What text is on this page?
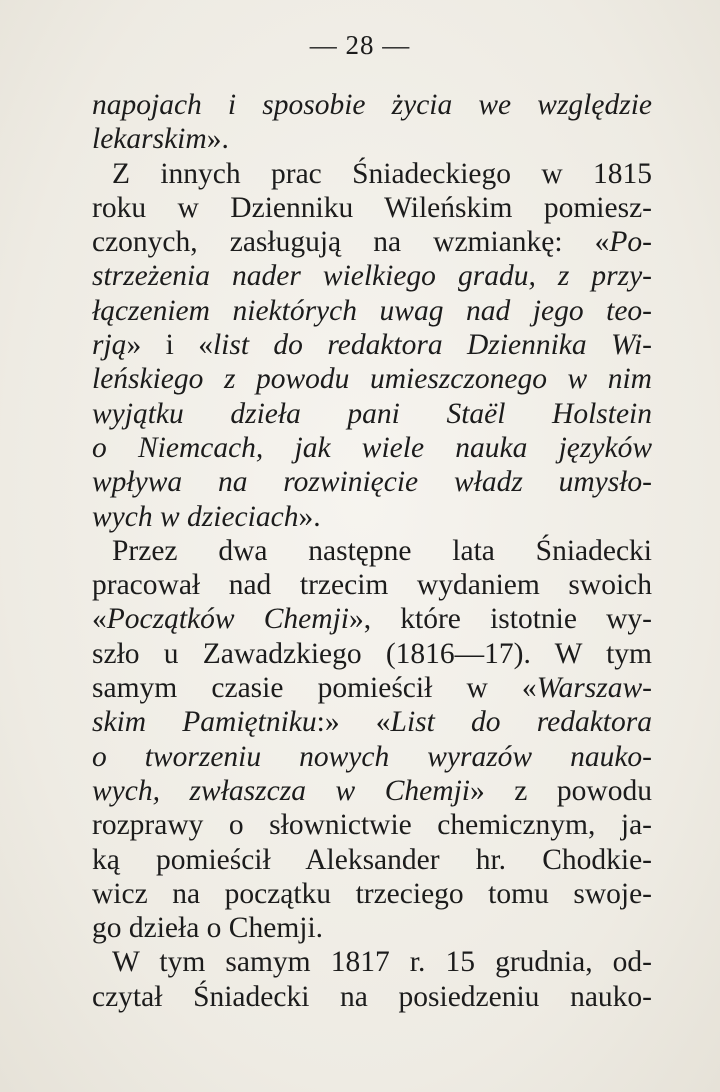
— 28 —
napojach i sposobie życia we względzie
lekarskim».
Z innych prac Śniadeckiego w 1815
roku w Dzienniku Wileńskim pomiesz-
czonych, zasługują na wzmiankę: «Po-
strzeżenia nader wielkiego gradu, z przy-
łączeniem niektórych uwag nad jego teo-
rją» i «list do redaktora Dziennika Wi-
leńskiego z powodu umieszczonego w nim
wyjątku dzieła pani Staël Holstein
o Niemcach, jak wiele nauka języków
wpływa na rozwinięcie władz umysło-
wych w dzieciach».
Przez dwa następne lata Śniadecki
pracował nad trzecim wydaniem swoich
«Początków Chemji», które istotnie wy-
szło u Zawadzkiego (1816—17). W tym
samym czasie pomieścił w «Warszaw-
skim Pamiętniku:» «List do redaktora
o tworzeniu nowych wyrazów nauko-
wych, zwłaszcza w Chemji» z powodu
rozprawy o słownictwie chemicznym, ja-
ką pomieścił Aleksander hr. Chodkie-
wicz na początku trzeciego tomu swoje-
go dzieła o Chemji.
W tym samym 1817 r. 15 grudnia, od-
czytał Śniadecki na posiedzeniu nauko-
